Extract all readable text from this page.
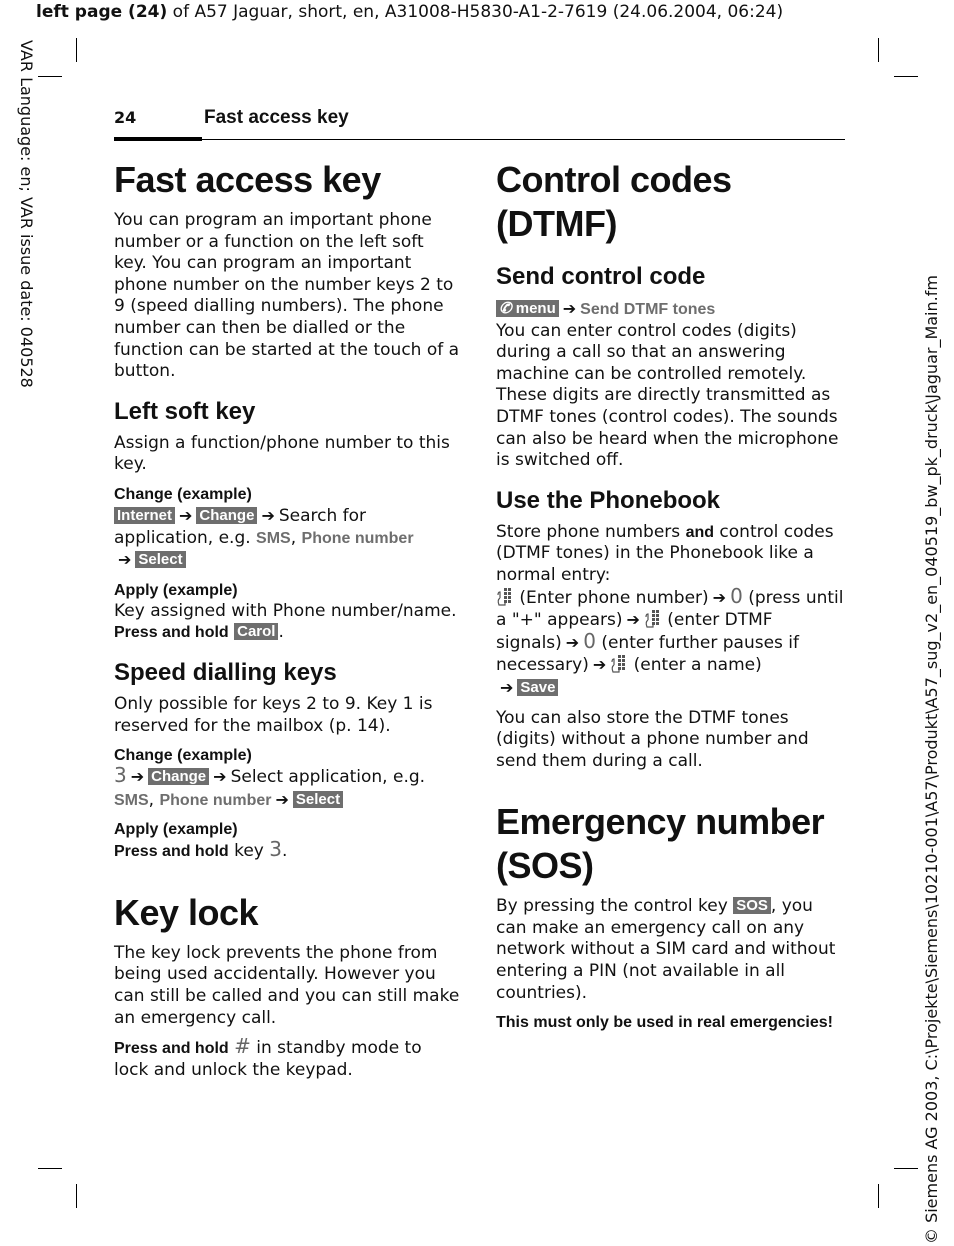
left page (24) of A57 Jaguar, short, en, A31008-H5830-A1-2-7619 (24.06.2004, 06:24)
VAR Language: en; VAR issue date: 040528
© Siemens AG 2003, C:\Projekte\Siemens\10210-001\A57\Produkt\A57_sug_v2_en_040519_bw_pk_druck\Jaguar_Main.fm
24	Fast access key
Fast access key

You can program an important phone number or a function on the left soft key. You can program an important phone number on the number keys 2 to 9 (speed dialling numbers). The phone number can then be dialled or the function can be started at the touch of a button.

Left soft key

Assign a function/phone number to this key.

Change (example)

Internet ➔ Change ➔ Search for application, e.g. SMS, Phone number
➔ Select

Apply (example)

Key assigned with Phone number/name.

Press and hold Carol .

Speed dialling keys

Only possible for keys 2 to 9. Key 1 is reserved for the mailbox (p. 14).

Change (example)

3 ➔ Change ➔ Select application, e.g.
SMS, Phone number ➔ Select

Apply (example)

Press and hold key 3.

Key lock

The key lock prevents the phone from being used accidentally. However you can still be called and you can still make an emergency call.

Press and hold # in standby mode to lock and unlock the keypad.

Control codes (DTMF)
Send control code

✆ menu ➔ Send DTMF tones

You can enter control codes (digits) during a call so that an answering machine can be controlled remotely. These digits are directly transmitted as DTMF tones (control codes). The sounds can also be heard when the microphone is switched off.

Use the Phonebook

Store phone numbers and control codes (DTMF tones) in the Phonebook like a normal entry:

(Enter phone number) ➔ 0 (press until a "+" appears) ➔ (enter DTMF signals) ➔ 0 (enter further pauses if necessary) ➔ (enter a name)
➔ Save

You can also store the DTMF tones (digits) without a phone number and send them during a call.

Emergency number (SOS)

By pressing the control key SOS , you can make an emergency call on any network without a SIM card and without entering a PIN (not available in all countries).

This must only be used in real emergencies!
